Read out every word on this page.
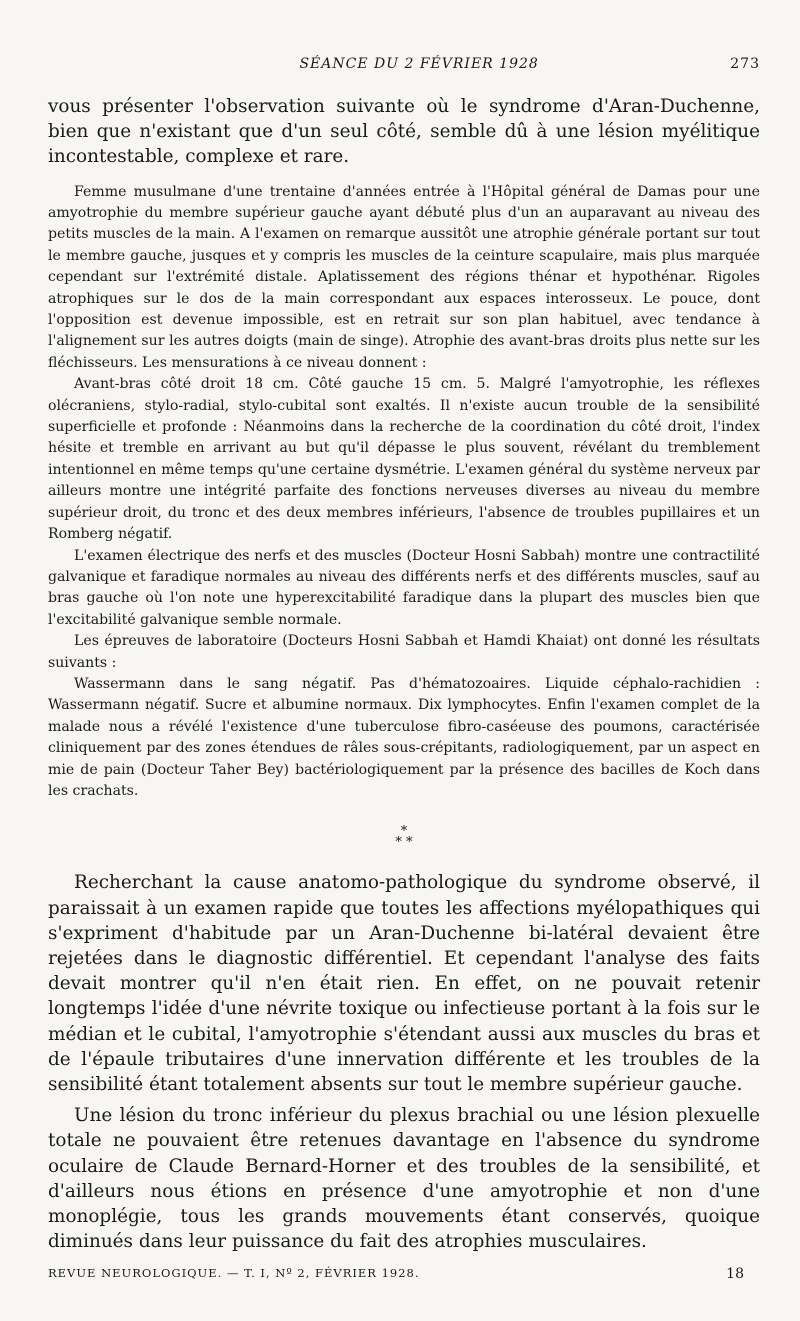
SÉANCE DU 2 FÉVRIER 1928	273

vous présenter l'observation suivante où le syndrome d'Aran-Duchenne, bien que n'existant que d'un seul côté, semble dû à une lésion myélitique incontestable, complexe et rare.

Femme musulmane d'une trentaine d'années entrée à l'Hôpital général de Damas pour une amyotrophie du membre supérieur gauche ayant débuté plus d'un an auparavant au niveau des petits muscles de la main. A l'examen on remarque aussitôt une atrophie générale portant sur tout le membre gauche, jusques et y compris les muscles de la ceinture scapulaire, mais plus marquée cependant sur l'extrémité distale. Aplatissement des régions thénar et hypothénar. Rigoles atrophiques sur le dos de la main correspondant aux espaces interosseux. Le pouce, dont l'opposition est devenue impossible, est en retrait sur son plan habituel, avec tendance à l'alignement sur les autres doigts (main de singe). Atrophie des avant-bras droits plus nette sur les fléchisseurs. Les mensurations à ce niveau donnent :

Avant-bras côté droit 18 cm. Côté gauche 15 cm. 5. Malgré l'amyotrophie, les réflexes olécraniens, stylo-radial, stylo-cubital sont exaltés. Il n'existe aucun trouble de la sensibilité superficielle et profonde : Néanmoins dans la recherche de la coordination du côté droit, l'index hésite et tremble en arrivant au but qu'il dépasse le plus souvent, révélant du tremblement intentionnel en même temps qu'une certaine dysmétrie. L'examen général du système nerveux par ailleurs montre une intégrité parfaite des fonctions nerveuses diverses au niveau du membre supérieur droit, du tronc et des deux membres inférieurs, l'absence de troubles pupillaires et un Romberg négatif.

L'examen électrique des nerfs et des muscles (Docteur Hosni Sabbah) montre une contractilité galvanique et faradique normales au niveau des différents nerfs et des différents muscles, sauf au bras gauche où l'on note une hyperexcitabilité faradique dans la plupart des muscles bien que l'excitabilité galvanique semble normale.

Les épreuves de laboratoire (Docteurs Hosni Sabbah et Hamdi Khaiat) ont donné les résultats suivants :

Wassermann dans le sang négatif. Pas d'hématozoaires. Liquide céphalo-rachidien : Wassermann négatif. Sucre et albumine normaux. Dix lymphocytes. Enfin l'examen complet de la malade nous a révélé l'existence d'une tuberculose fibro-caséeuse des poumons, caractérisée cliniquement par des zones étendues de râles sous-crépitants, radiologiquement, par un aspect en mie de pain (Docteur Taher Bey) bactériologiquement par la présence des bacilles de Koch dans les crachats.

*
* *

Recherchant la cause anatomo-pathologique du syndrome observé, il paraissait à un examen rapide que toutes les affections myélopathiques qui s'expriment d'habitude par un Aran-Duchenne bi-latéral devaient être rejetées dans le diagnostic différentiel. Et cependant l'analyse des faits devait montrer qu'il n'en était rien. En effet, on ne pouvait retenir longtemps l'idée d'une névrite toxique ou infectieuse portant à la fois sur le médian et le cubital, l'amyotrophie s'étendant aussi aux muscles du bras et de l'épaule tributaires d'une innervation différente et les troubles de la sensibilité étant totalement absents sur tout le membre supérieur gauche.

Une lésion du tronc inférieur du plexus brachial ou une lésion plexuelle totale ne pouvaient être retenues davantage en l'absence du syndrome oculaire de Claude Bernard-Horner et des troubles de la sensibilité, et d'ailleurs nous étions en présence d'une amyotrophie et non d'une monoplégie, tous les grands mouvements étant conservés, quoique diminués dans leur puissance du fait des atrophies musculaires.

REVUE NEUROLOGIQUE. — T. I, Nº 2, FÉVRIER 1928.	18
